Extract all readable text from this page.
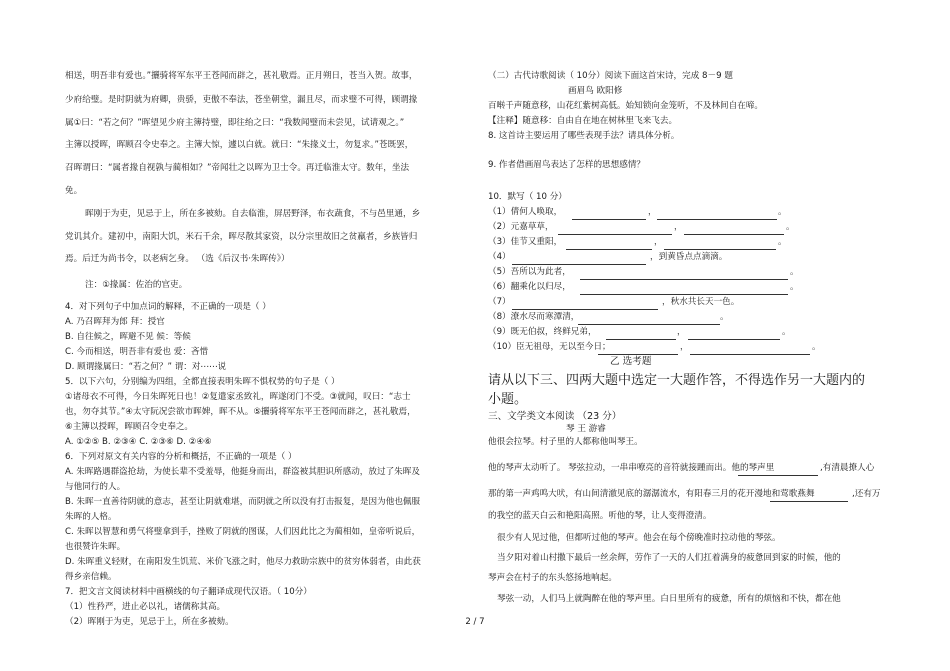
，	。
，	。
，	。
。
。
。
，	。
，	。
乙 选考题
请从以下三、四两大题中选定一大题作答，不得选作另一大题内的
小题。
三、文学类文本阅读 （23 分）
琴 王 游睿
2 / 7
相送，明吾非有爱也。”攦骑将军东平王苍闻而辟之，甚礼敬焉。正月朔日，苍当入贺。故事，
少府给璧。是时阴就为府卿，贵骄，吏傲不奉法，苍坐朝堂，漏且尽，而求璧不可得，顾谓掾
属①曰：“若之何？”晖望见少府主簿持璧，即往绐之曰：“我数闻璧而未尝见，试请观之。”
主簿以授晖，晖顾召令史奉之。主簿大惊，遽以白就。就曰：“朱掾义士，勿复求。”苍既罢，
召晖谓曰：“属者掾自视孰与蔺相如？”帝闻壮之以晖为卫士令。再迁临淮太守。数年，坐法
免。
晖刚于为吏，见忌于上，所在多被劾。自去临淮，屏居野泽，布衣蔬食，不与邑里通，乡
党讥其介。建初中，南阳大饥，米石千余，晖尽散其家资，以分宗里故旧之贫羸者，乡族皆归
焉。后迁为尚书令，以老病乞身。 （选《后汉书·朱晖传》）
注：①掾属：佐治的官吏。
4．对下列句子中加点词的解释，不正确的一项是（ ）
A. 乃召晖拜为郎 拜：授官
B. 自往候之，晖避不见 候：等候
C. 今而相送，明吾非有爱也 爱：吝惜
D. 顾谓掾属曰：“若之何？” 谓：对⋯⋯说
5．以下六句，分别编为四组，全都直接表明朱晖不惧权势的句子是（ ）
①诸母衣不可得，今日朱晖死日也！②复遣家丞致礼，晖遂闭门不受。③就闻，叹曰：“志士
也，勿夺其节。”④太守阮况尝欲市晖婢，晖不从。⑤攦骑将军东平王苍闻而辟之，甚礼敬焉，
⑥主簿以授晖，晖顾召令史奉之。
A. ①②⑤ B. ②③④ C. ②③⑥ D. ②④⑥
6．下列对原文有关内容的分析和概括，不正确的一项是（ ）
A. 朱晖路遇群盗抢劫，为使长辈不受羞辱，他挺身而出，群盗被其胆识所感动，放过了朱晖及
与他同行的人。
B. 朱晖一直善待阴就的意志，甚至让阴就难堪，而阴就之所以没有打击报复，是因为他也佩服
朱晖的人格。
C. 朱晖以智慧和勇气将璧拿到手，挫败了阴就的图谋，人们因此比之为蔺相如，皇帝听说后，
也很赞许朱晖。
D. 朱晖重义轻财，在南阳发生饥荒、米价飞涨之时，他尽力救助宗族中的贫穷体弱者，由此获
得乡亲信赖。
7．把文言文阅读材料中画横线的句子翻译成现代汉语。（ 10分）
（1）性矜严，进止必以礼，诸儒称其高。
（2）晖刚于为吏，见忌于上，所在多被劾。
（二）古代诗歌阅读（ 10分）阅读下面这首宋诗，完成 8－9 题
画眉鸟 欧阳修
百啭千声随意移，山花红紫树高低。始知锁向金笼听，不及林间自在啼。
【注释】随意移：自由自在地在树林里飞来飞去。
8. 这首诗主要运用了哪些表现手法？请具体分析。
9. 作者借画眉鸟表达了怎样的思想感情？
10．默写（ 10 分）
（1）倩何人唤取，
（2）元嘉草草，
（3）佳节又重阳，
（4）
（5）吾所以为此者，
（6）翻乘化以归尽，
（7）
（8）潦水尽而寒潭清，
（9）既无伯叔，终鲜兄弟，
（10）臣无祖母，无以至今日；
他很会拉琴。村子里的人都称他叫琴王。
他的琴声太动听了。 琴弦拉动，一串串嘹亮的音符就接踵而出。他的琴声里
那的第一声鸡鸣大吠，有山间清澈见底的潺潺流水，有阳春三月的花开漫地和莺歌燕舞
的我空的蓝天白云和艳阳高照。听他的琴，让人变得澄清。
很少有人见过他，但都听过他的琴声。他会在每个傍晚准时拉动他的琴弦。
当夕阳对着山村撒下最后一丝余辉，劳作了一天的人们扛着满身的疲惫回到家的时候，他的
琴声会在村子的东头悠扬地响起。
琴弦一动，人们马上就陶醉在他的琴声里。白日里所有的疲惫，所有的烦恼和不快，都在他
，到黄昏点点滴滴。
，秋水共长天一色。
,有清晨撩人心
,还有万
